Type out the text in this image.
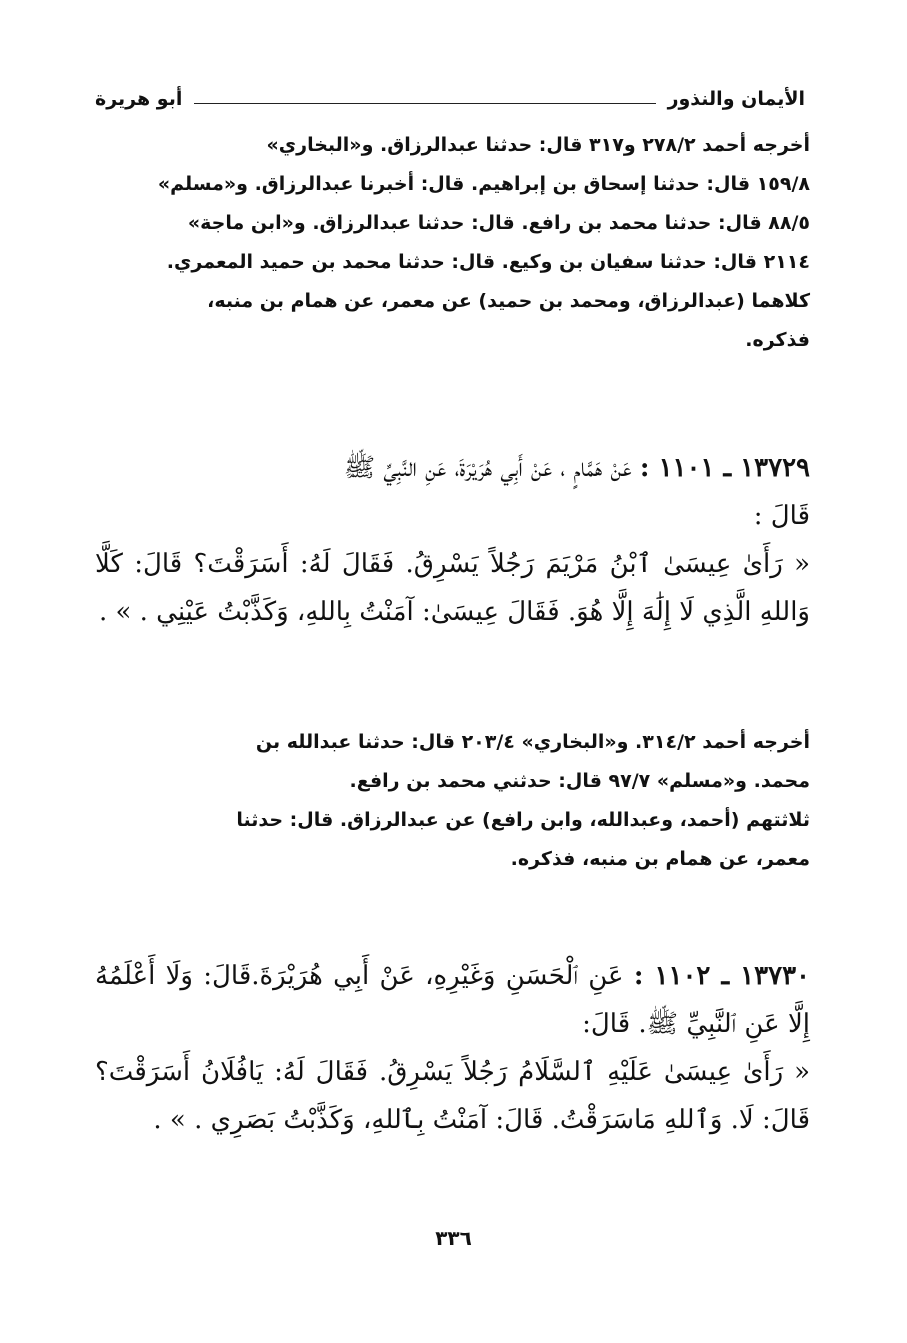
الأيمان والنذور
أبو هريرة
أخرجه أحمد ٢٧٨/٢ و٣١٧ قال: حدثنا عبدالرزاق. و«البخاري»
١٥٩/٨ قال: حدثنا إسحاق بن إبراهيم. قال: أخبرنا عبدالرزاق. و«مسلم»
٨٨/٥ قال: حدثنا محمد بن رافع. قال: حدثنا عبدالرزاق. و«ابن ماجة»
٢١١٤ قال: حدثنا سفيان بن وكيع. قال: حدثنا محمد بن حميد المعمري.
كلاهما (عبدالرزاق، ومحمد بن حميد) عن معمر، عن همام بن منبه،
فذكره.
١٣٧٢٩ ـ ١١٠١ : عَنْ هَمَّامٍ ، عَنْ أَبِي هُرَيْرَةَ، عَنِ النَّبِيِّ ﷺ
قَالَ :
« رَأَىٰ عِيسَىٰ ٱبْنُ مَرْيَمَ رَجُلاً يَسْرِقُ. فَقَالَ لَهُ: أَسَرَقْتَ؟ قَالَ: كَلَّا وَاللهِ الَّذِي لَا إِلَٰهَ إِلَّا هُوَ. فَقَالَ عِيسَىٰ: آمَنْتُ بِاللهِ، وَكَذَّبْتُ عَيْنِي . » .
أخرجه أحمد ٣١٤/٢. و«البخاري» ٢٠٣/٤ قال: حدثنا عبدالله بن
محمد. و«مسلم» ٩٧/٧ قال: حدثني محمد بن رافع.
ثلاثتهم (أحمد، وعبدالله، وابن رافع) عن عبدالرزاق. قال: حدثنا
معمر، عن همام بن منبه، فذكره.
١٣٧٣٠ ـ ١١٠٢ : عَنِ ٱلْحَسَنِ وَغَيْرِهِ، عَنْ أَبِي هُرَيْرَةَ.قَالَ: وَلَا أَعْلَمُهُ إِلَّا عَنِ ٱلنَّبِيِّ ﷺ. قَالَ:
« رَأَىٰ عِيسَىٰ عَلَيْهِ ٱلسَّلَامُ رَجُلاً يَسْرِقُ. فَقَالَ لَهُ: يَافُلَانُ أَسَرَقْتَ؟ قَالَ: لَا. وَٱللهِ مَاسَرَقْتُ. قَالَ: آمَنْتُ بِٱللهِ، وَكَذَّبْتُ بَصَرِي . » .
٣٣٦
